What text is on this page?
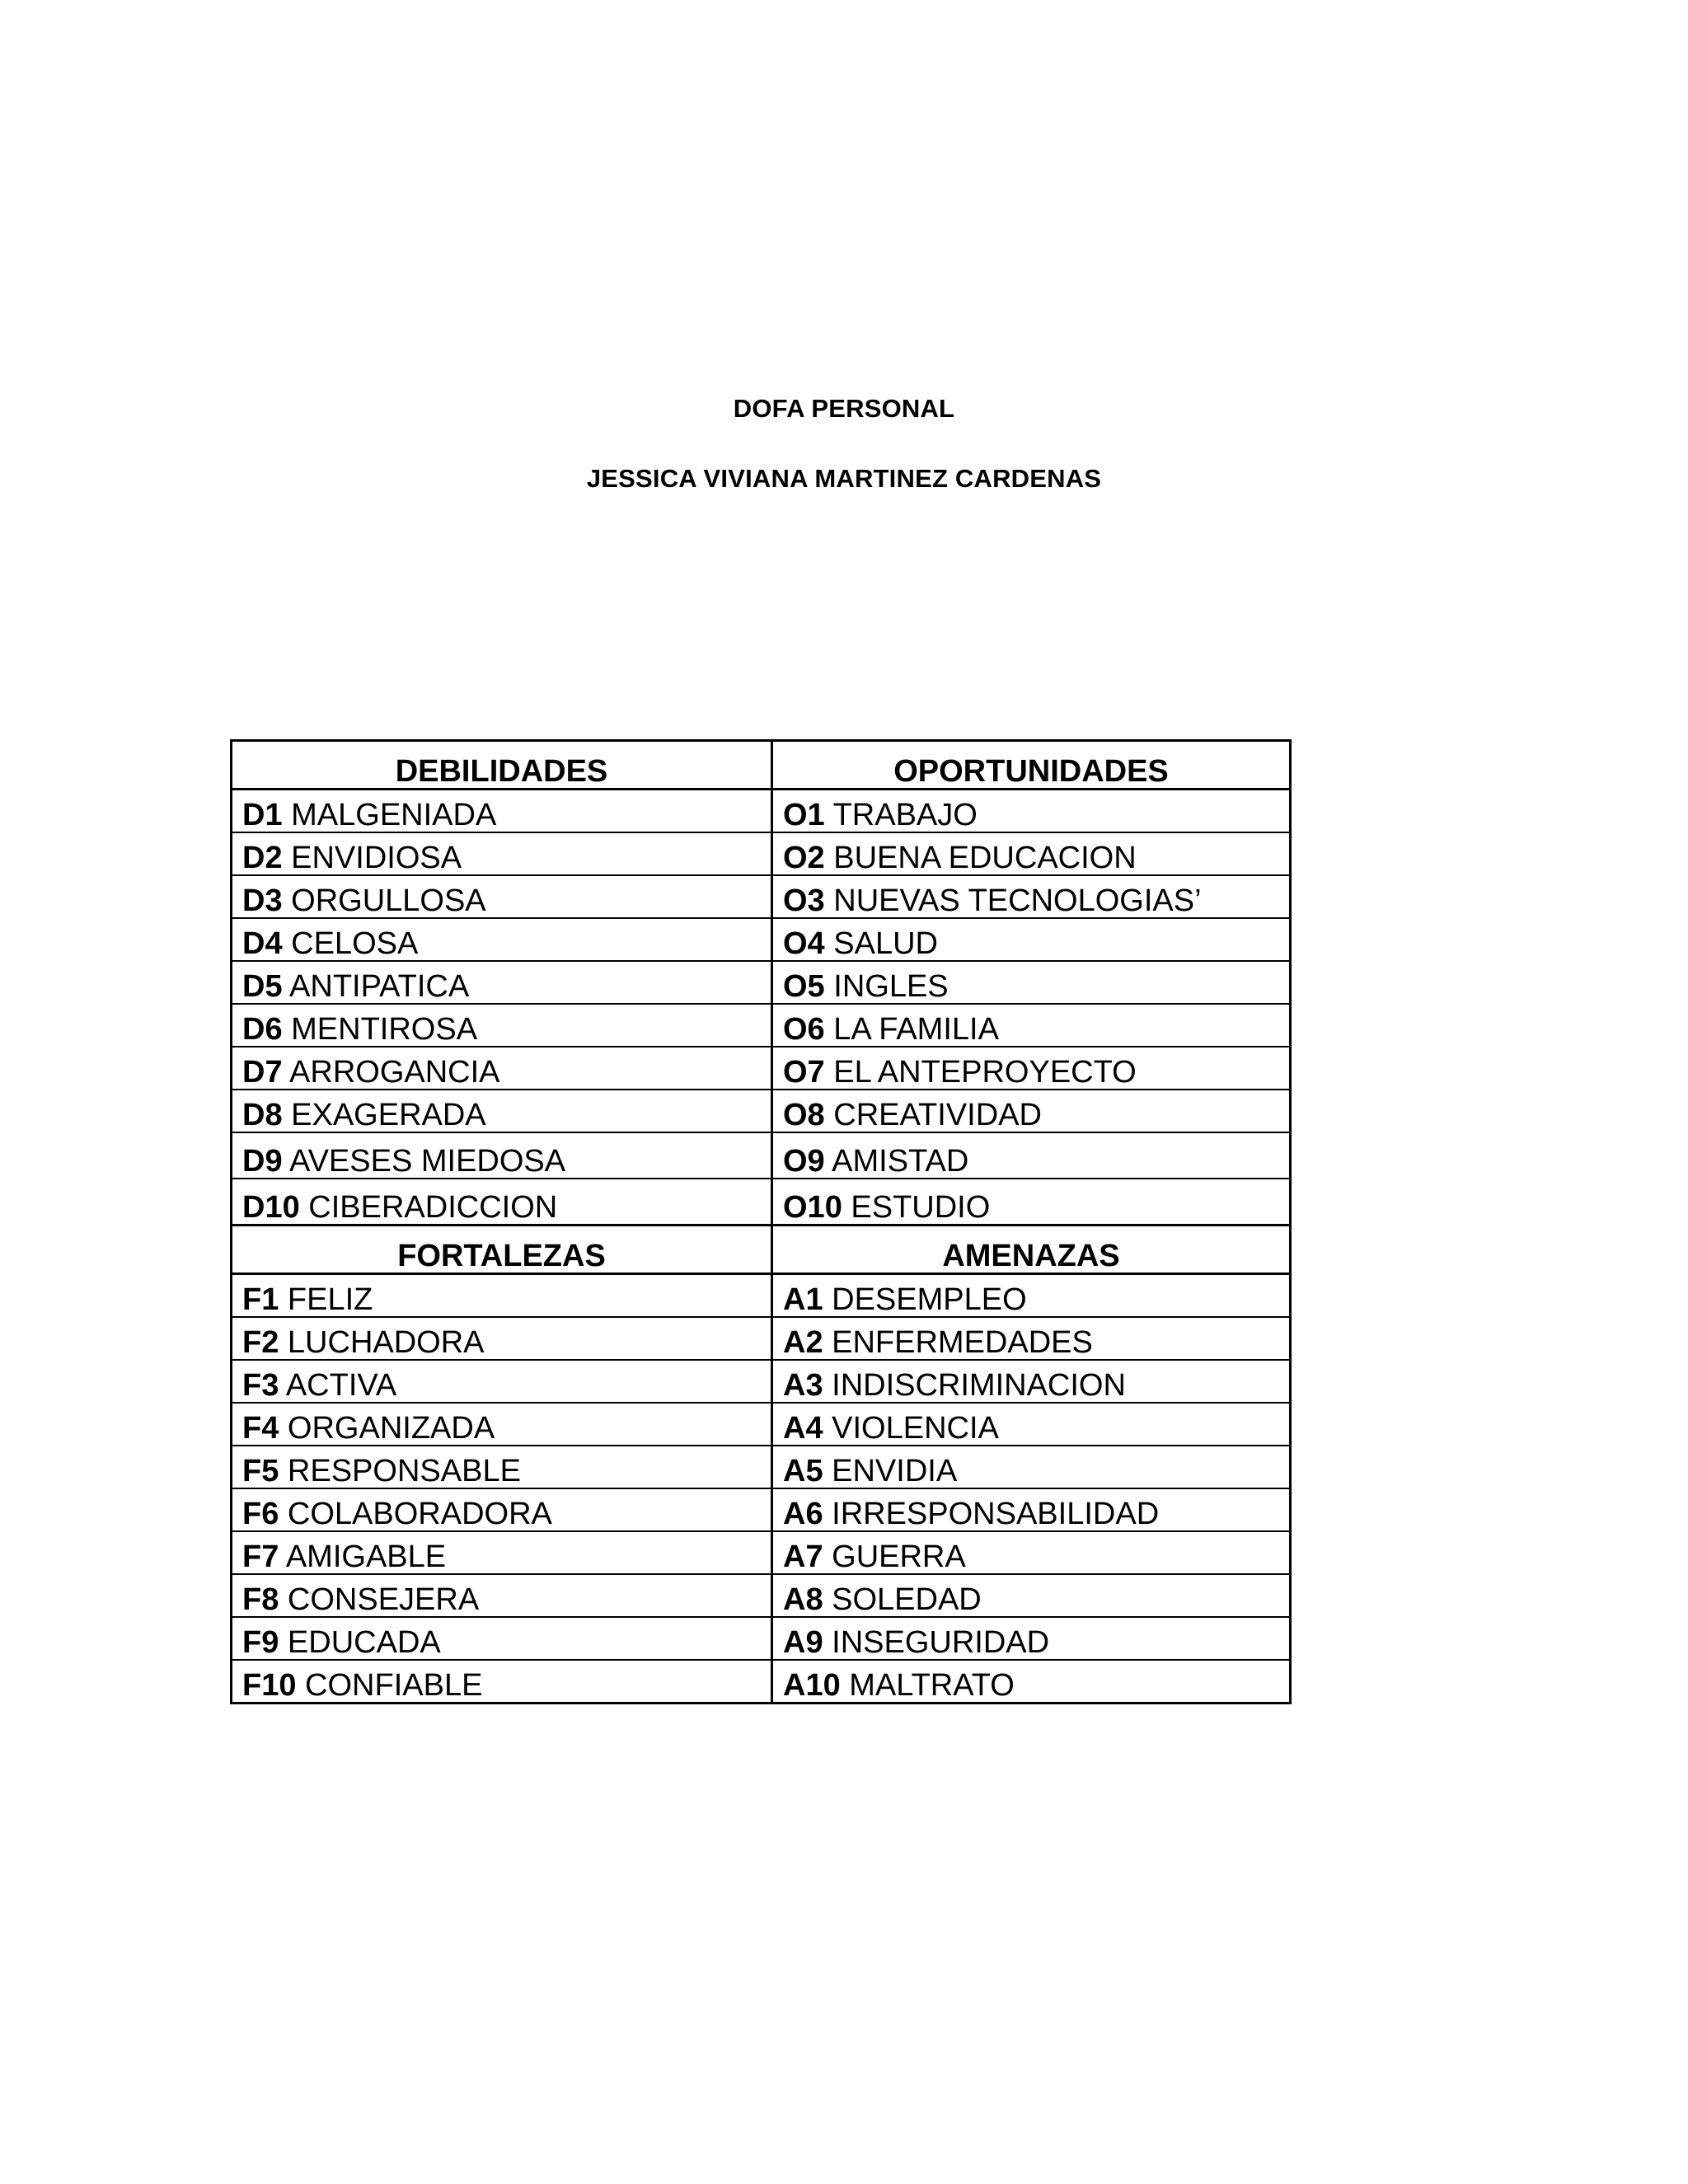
DOFA PERSONAL
JESSICA VIVIANA MARTINEZ CARDENAS
DEBILIDADES	OPORTUNIDADES
D1 MALGENIADA	O1 TRABAJO
D2 ENVIDIOSA	O2 BUENA EDUCACION
D3 ORGULLOSA	O3 NUEVAS TECNOLOGIAS’
D4 CELOSA	O4 SALUD
D5 ANTIPATICA	O5 INGLES
D6 MENTIROSA	O6 LA FAMILIA
D7 ARROGANCIA	O7 EL ANTEPROYECTO
D8 EXAGERADA	O8 CREATIVIDAD
D9 AVESES MIEDOSA	O9 AMISTAD
D10 CIBERADICCION	O10 ESTUDIO
FORTALEZAS	AMENAZAS
F1 FELIZ	A1 DESEMPLEO
F2 LUCHADORA	A2 ENFERMEDADES
F3 ACTIVA	A3 INDISCRIMINACION
F4 ORGANIZADA	A4 VIOLENCIA
F5 RESPONSABLE	A5 ENVIDIA
F6 COLABORADORA	A6 IRRESPONSABILIDAD
F7 AMIGABLE	A7 GUERRA
F8 CONSEJERA	A8 SOLEDAD
F9 EDUCADA	A9 INSEGURIDAD
F10 CONFIABLE	A10 MALTRATO
